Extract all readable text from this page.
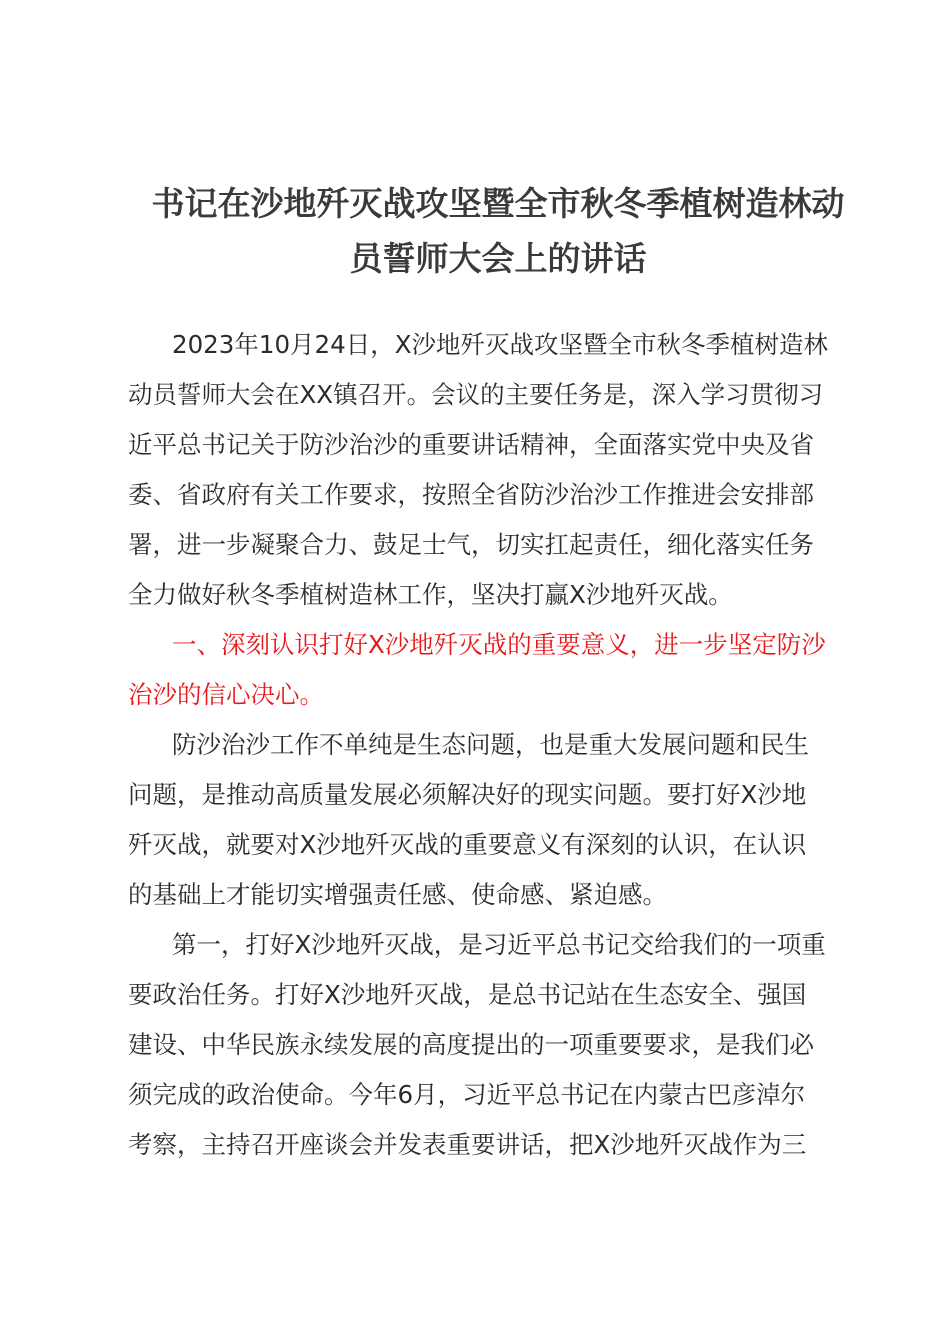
书记在沙地歼灭战攻坚暨全市秋冬季植树造林动
员誓师大会上的讲话
2023年10月24日，X沙地歼灭战攻坚暨全市秋冬季植树造林
动员誓师大会在XX镇召开。会议的主要任务是，深入学习贯彻习
近平总书记关于防沙治沙的重要讲话精神，全面落实党中央及省
委、省政府有关工作要求，按照全省防沙治沙工作推进会安排部
署，进一步凝聚合力、鼓足士气，切实扛起责任，细化落实任务
全力做好秋冬季植树造林工作，坚决打赢X沙地歼灭战。
一、深刻认识打好X沙地歼灭战的重要意义，进一步坚定防沙
治沙的信心决心。
防沙治沙工作不单纯是生态问题，也是重大发展问题和民生
问题，是推动高质量发展必须解决好的现实问题。要打好X沙地
歼灭战，就要对X沙地歼灭战的重要意义有深刻的认识，在认识
的基础上才能切实增强责任感、使命感、紧迫感。
第一，打好X沙地歼灭战，是习近平总书记交给我们的一项重
要政治任务。打好X沙地歼灭战，是总书记站在生态安全、强国
建设、中华民族永续发展的高度提出的一项重要要求，是我们必
须完成的政治使命。今年6月，习近平总书记在内蒙古巴彦淖尔
考察，主持召开座谈会并发表重要讲话，把X沙地歼灭战作为三
